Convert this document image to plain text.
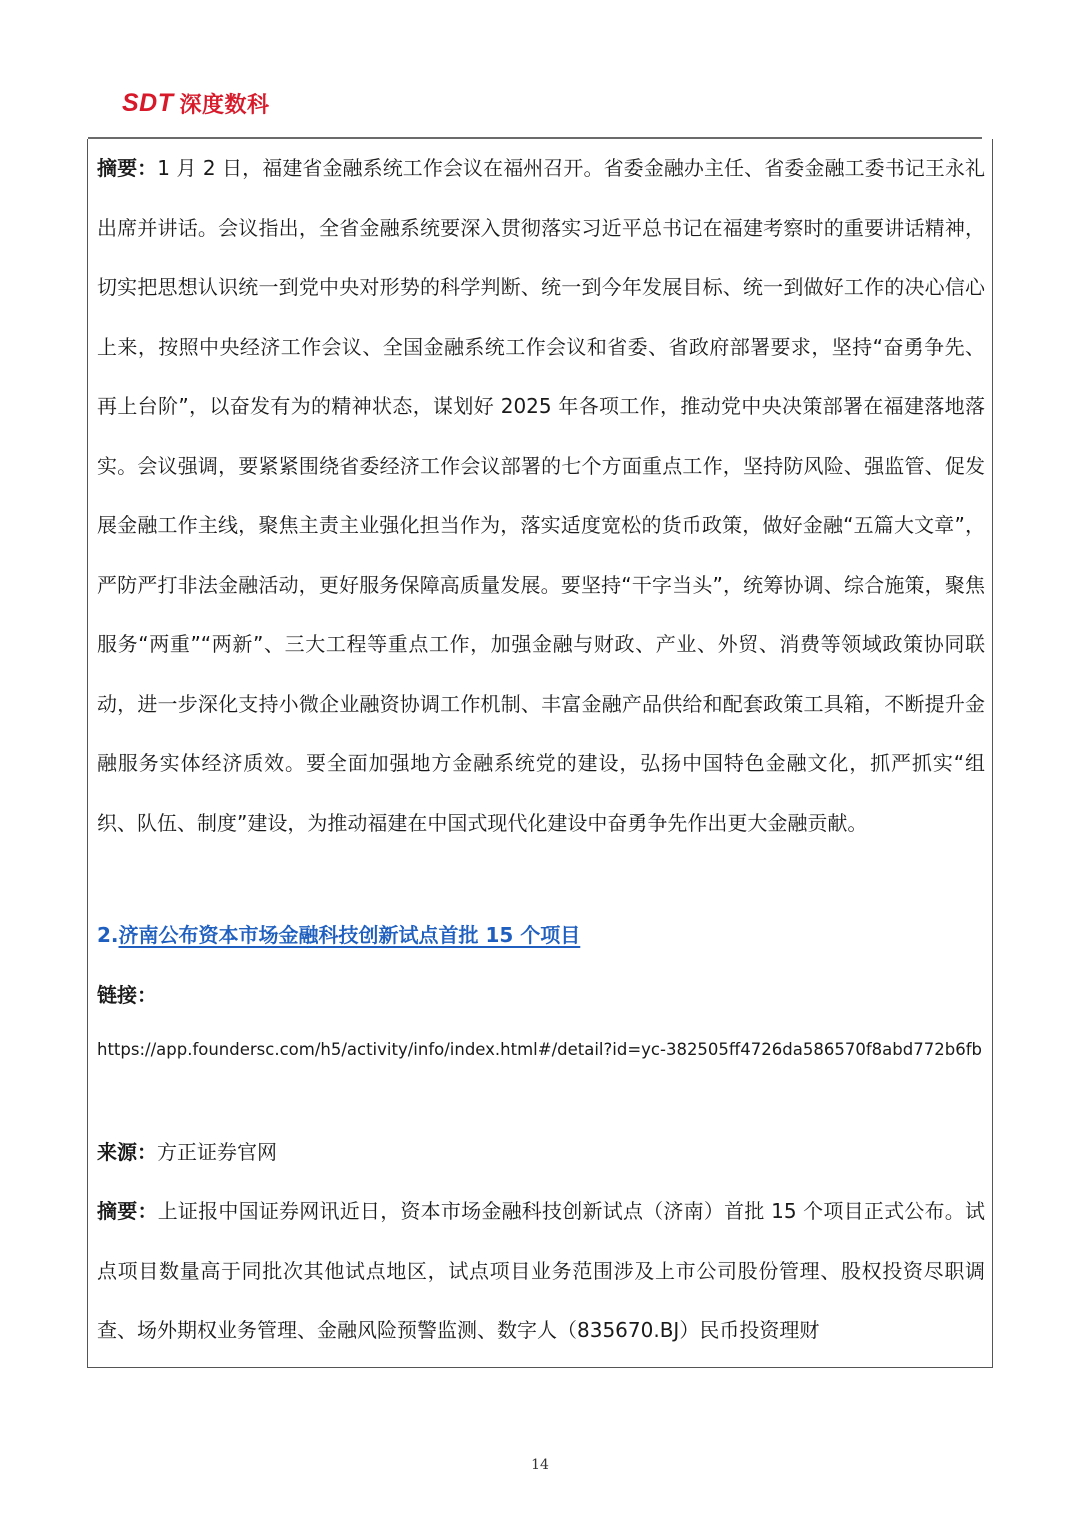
SDT 深度数科

摘要：1 月 2 日，福建省金融系统工作会议在福州召开。省委金融办主任、省委金融工委书记王永礼出席并讲话。会议指出，全省金融系统要深入贯彻落实习近平总书记在福建考察时的重要讲话精神，切实把思想认识统一到党中央对形势的科学判断、统一到今年发展目标、统一到做好工作的决心信心上来，按照中央经济工作会议、全国金融系统工作会议和省委、省政府部署要求，坚持“奋勇争先、再上台阶”，以奋发有为的精神状态，谋划好 2025 年各项工作，推动党中央决策部署在福建落地落实。会议强调，要紧紧围绕省委经济工作会议部署的七个方面重点工作，坚持防风险、强监管、促发展金融工作主线，聚焦主责主业强化担当作为，落实适度宽松的货币政策，做好金融“五篇大文章”，严防严打非法金融活动，更好服务保障高质量发展。要坚持“干字当头”，统筹协调、综合施策，聚焦服务“两重”“两新”、三大工程等重点工作，加强金融与财政、产业、外贸、消费等领域政策协同联动，进一步深化支持小微企业融资协调工作机制、丰富金融产品供给和配套政策工具箱，不断提升金融服务实体经济质效。要全面加强地方金融系统党的建设，弘扬中国特色金融文化，抓严抓实“组织、队伍、制度”建设，为推动福建在中国式现代化建设中奋勇争先作出更大金融贡献。

2.济南公布资本市场金融科技创新试点首批 15 个项目
链接：
https://app.foundersc.com/h5/activity/info/index.html#/detail?id=yc-382505ff4726da586570f8abd772b6fb
来源：方正证券官网

摘要：上证报中国证券网讯近日，资本市场金融科技创新试点（济南）首批 15 个项目正式公布。试点项目数量高于同批次其他试点地区，试点项目业务范围涉及上市公司股份管理、股权投资尽职调查、场外期权业务管理、金融风险预警监测、数字人（835670.BJ）民币投资理财

14
